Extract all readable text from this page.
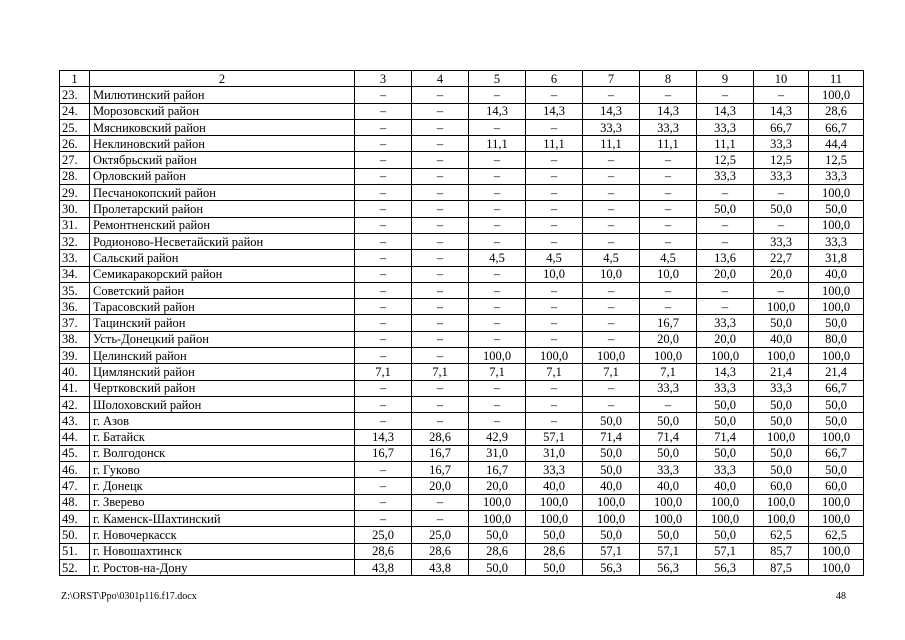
1	2	3	4	5	6	7	8	9	10	11
23.	Милютинский район	–	–	–	–	–	–	–	–	100,0
24.	Морозовский район	–	–	14,3	14,3	14,3	14,3	14,3	14,3	28,6
25.	Мясниковский район	–	–	–	–	33,3	33,3	33,3	66,7	66,7
26.	Неклиновский район	–	–	11,1	11,1	11,1	11,1	11,1	33,3	44,4
27.	Октябрьский район	–	–	–	–	–	–	12,5	12,5	12,5
28.	Орловский район	–	–	–	–	–	–	33,3	33,3	33,3
29.	Песчанокопский район	–	–	–	–	–	–	–	–	100,0
30.	Пролетарский район	–	–	–	–	–	–	50,0	50,0	50,0
31.	Ремонтненский район	–	–	–	–	–	–	–	–	100,0
32.	Родионово-Несветайский район	–	–	–	–	–	–	–	33,3	33,3
33.	Сальский район	–	–	4,5	4,5	4,5	4,5	13,6	22,7	31,8
34.	Семикаракорский район	–	–	–	10,0	10,0	10,0	20,0	20,0	40,0
35.	Советский район	–	–	–	–	–	–	–	–	100,0
36.	Тарасовский район	–	–	–	–	–	–	–	100,0	100,0
37.	Тацинский район	–	–	–	–	–	16,7	33,3	50,0	50,0
38.	Усть-Донецкий район	–	–	–	–	–	20,0	20,0	40,0	80,0
39.	Целинский район	–	–	100,0	100,0	100,0	100,0	100,0	100,0	100,0
40.	Цимлянский район	7,1	7,1	7,1	7,1	7,1	7,1	14,3	21,4	21,4
41.	Чертковский район	–	–	–	–	–	33,3	33,3	33,3	66,7
42.	Шолоховский район	–	–	–	–	–	–	50,0	50,0	50,0
43.	г. Азов	–	–	–	–	50,0	50,0	50,0	50,0	50,0
44.	г. Батайск	14,3	28,6	42,9	57,1	71,4	71,4	71,4	100,0	100,0
45.	г. Волгодонск	16,7	16,7	31,0	31,0	50,0	50,0	50,0	50,0	66,7
46.	г. Гуково	–	16,7	16,7	33,3	50,0	33,3	33,3	50,0	50,0
47.	г. Донецк	–	20,0	20,0	40,0	40,0	40,0	40,0	60,0	60,0
48.	г. Зверево	–	–	100,0	100,0	100,0	100,0	100,0	100,0	100,0
49.	г. Каменск-Шахтинский	–	–	100,0	100,0	100,0	100,0	100,0	100,0	100,0
50.	г. Новочеркасск	25,0	25,0	50,0	50,0	50,0	50,0	50,0	62,5	62,5
51.	г. Новошахтинск	28,6	28,6	28,6	28,6	57,1	57,1	57,1	85,7	100,0
52.	г. Ростов-на-Дону	43,8	43,8	50,0	50,0	56,3	56,3	56,3	87,5	100,0
Z:\ORST\Ppo\0301p116.f17.docx	48
